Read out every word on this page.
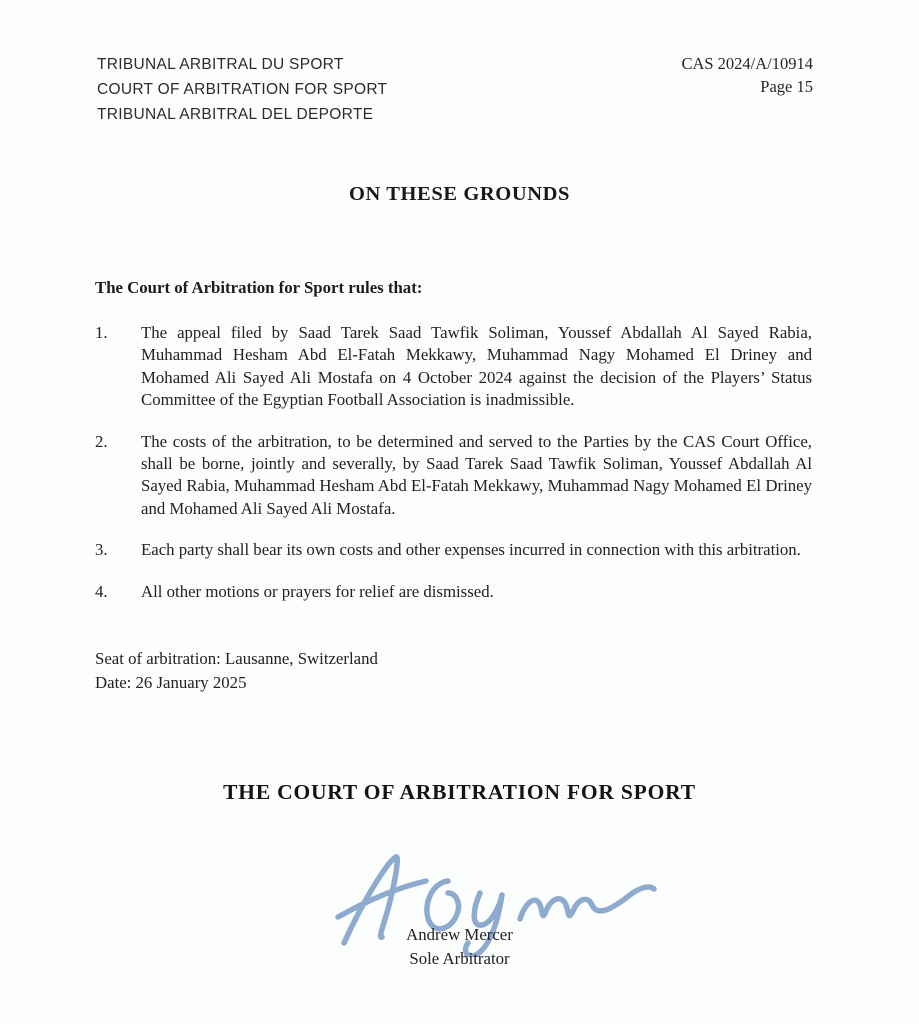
TRIBUNAL ARBITRAL DU SPORT
COURT OF ARBITRATION FOR SPORT
TRIBUNAL ARBITRAL DEL DEPORTE
CAS 2024/A/10914
Page 15
ON THESE GROUNDS
The Court of Arbitration for Sport rules that:
1.	The appeal filed by Saad Tarek Saad Tawfik Soliman, Youssef Abdallah Al Sayed Rabia, Muhammad Hesham Abd El-Fatah Mekkawy, Muhammad Nagy Mohamed El Driney and Mohamed Ali Sayed Ali Mostafa on 4 October 2024 against the decision of the Players’ Status Committee of the Egyptian Football Association is inadmissible.
2.	The costs of the arbitration, to be determined and served to the Parties by the CAS Court Office, shall be borne, jointly and severally, by Saad Tarek Saad Tawfik Soliman, Youssef Abdallah Al Sayed Rabia, Muhammad Hesham Abd El-Fatah Mekkawy, Muhammad Nagy Mohamed El Driney and Mohamed Ali Sayed Ali Mostafa.
3.	Each party shall bear its own costs and other expenses incurred in connection with this arbitration.
4.	All other motions or prayers for relief are dismissed.
Seat of arbitration: Lausanne, Switzerland
Date: 26 January 2025
THE COURT OF ARBITRATION FOR SPORT
Andrew Mercer
Sole Arbitrator
